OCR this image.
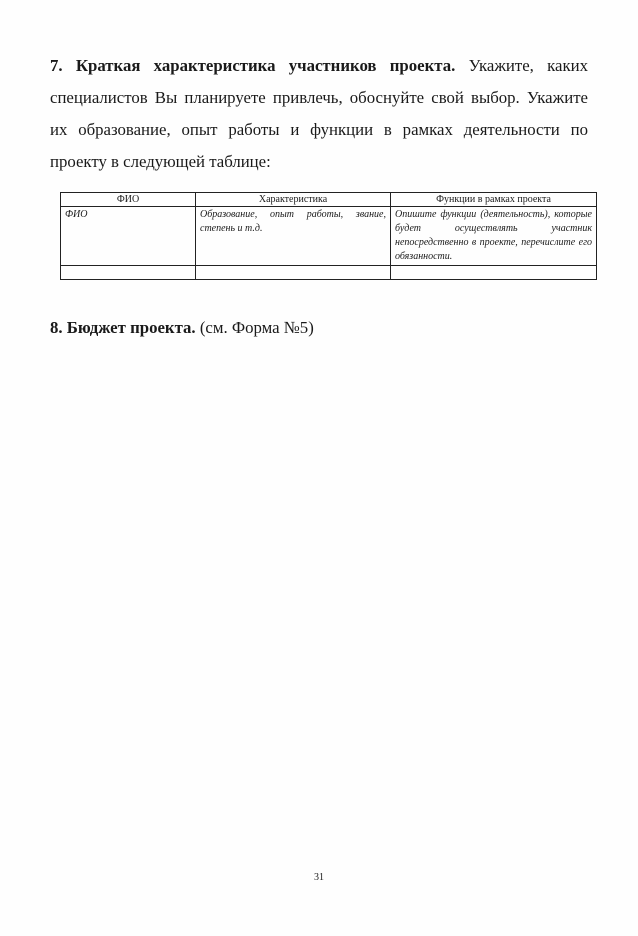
7. Краткая характеристика участников проекта. Укажите, каких специалистов Вы планируете привлечь, обоснуйте свой выбор. Укажите их образование, опыт работы и функции в рамках деятельности по проекту в следующей таблице:

ФИО	Характеристика	Функции в рамках проекта
ФИО	Образование, опыт работы, звание, степень и т.д.	Опишите функции (деятельность), которые будет осуществлять участник непосредственно в проекте, перечислите его обязанности.

8. Бюджет проекта. (см. Форма №5)

31
